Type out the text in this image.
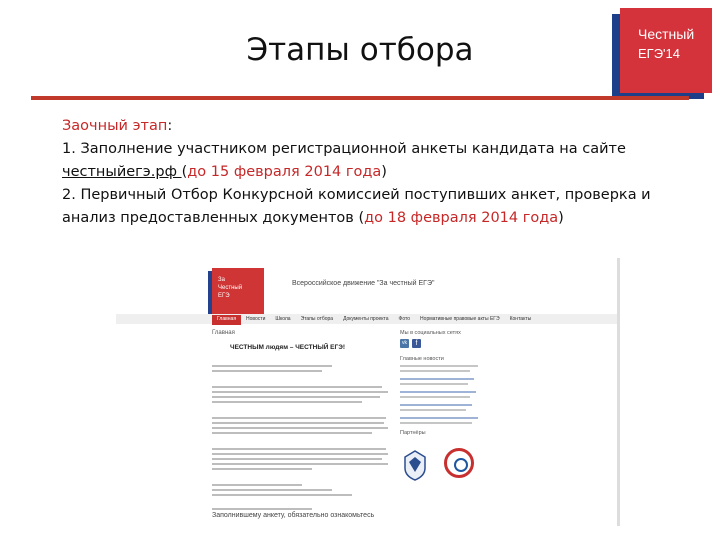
Этапы отбора	Честный
ЕГЭ'14
Заочный этап:
1. Заполнение участником регистрационной анкеты кандидата на сайте
честныйегэ.рф (до 15 февраля 2014 года)
2. Первичный Отбор Конкурсной комиссией поступивших анкет, проверка и анализ предоставленных документов (до 18 февраля 2014 года)
За
Честный
ЕГЭ
Всероссийское движение "За честный ЕГЭ"
Главная	Новости	Школа	Этапы отбора	Документы проекта	Фото	Нормативные правовые акты ЕГЭ	Контакты
Главная
ЧЕСТНЫМ людям – ЧЕСТНЫЙ ЕГЭ!
Мы в социальных сетях
vk	f
Главные новости
Партнёры
Заполнившему анкету, обязательно ознакомьтесь
